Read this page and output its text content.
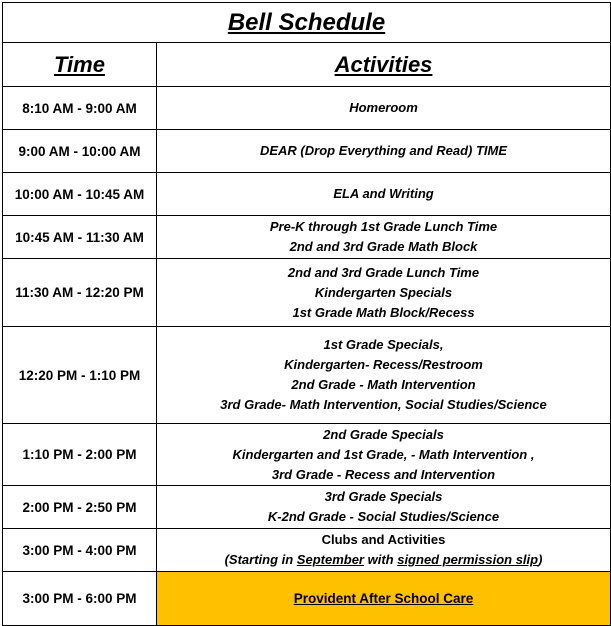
Bell Schedule	
Time	Activities
8:10 AM - 9:00 AM	Homeroom

9:00 AM - 10:00 AM	DEAR (Drop Everything and Read) TIME

10:00 AM - 10:45 AM	ELA and Writing

10:45 AM - 11:30 AM	Pre-K through 1st Grade Lunch Time
2nd and 3rd Grade Math Block

11:30 AM - 12:20 PM	2nd and 3rd Grade Lunch Time
Kindergarten Specials
1st Grade Math Block/Recess

12:20 PM - 1:10 PM	1st Grade Specials,
Kindergarten- Recess/Restroom
2nd Grade - Math Intervention
3rd Grade- Math Intervention, Social Studies/Science

1:10 PM - 2:00 PM	2nd Grade Specials
Kindergarten and 1st Grade, - Math Intervention ,
3rd Grade - Recess and Intervention

2:00 PM - 2:50 PM	3rd Grade Specials
K-2nd Grade - Social Studies/Science

3:00 PM - 4:00 PM	Clubs and Activities
(Starting in September with signed permission slip)

3:00 PM - 6:00 PM	Provident After School Care
